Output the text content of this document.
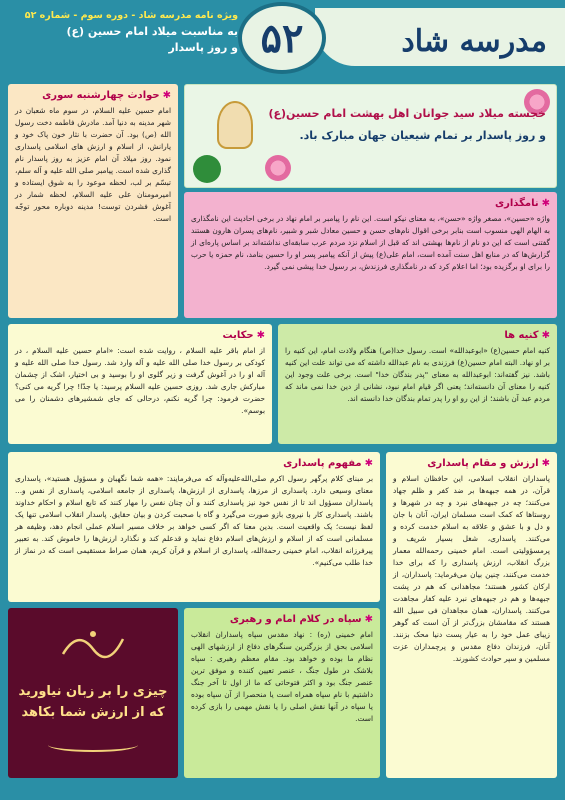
مدرسه شاد
۵۲
ویژه نامه مدرسه شاد - دوره سوم - شماره ۵۲
به مناسبت میلاد امام حسین (ع)
و روز پاسدار
خجسته میلاد سید جوانان اهل بهشت امام حسین(ع)
و روز پاسدار بر تمام شیعیان جهان مبارک باد.
✱حوادث چهارشنبه سوری

امام حسین علیه السلام، در سوم ماه شعبان در شهر مدینه به دنیا آمد. مادرش فاطمه دخت رسول الله (ص) بود. آن حضرت با نثار خون پاک خود و یارانش، از اسلام و ارزش های اسلامی پاسداری نمود. روز میلاد آن امام عزیز به روز پاسدار نام گذاری شده است. پیامبر صلی الله علیه و آله سلم، تبسّم بر لب، لحظه موعود را به شوق ایستاده و امیرمومنان علی علیه السلام، لحظه شمار در آغوش فشردن توست! مدینه دوباره محور توجّه است.

✱نامگذاری

واژه «حسین»، مصغر واژه «حسن»، به معنای نیکو است. این نام را پیامبر بر امام نهاد در برخی احادیث این نامگذاری به الهام الهی منسوب است بنابر برخی اقوال نام‌های حسن و حسین معادل شبر و شبیر، نام‌های پسران هارون هستند گفتنی است که این دو نام از نام‌ها بهشتی اند که قبل از اسلام نزد مردم عرب سابقه‌ای نداشته‌اند بر اساس پاره‌ای از گزارش‌ها که در منابع اهل سنت آمده است، امام علی(ع) پیش از آنکه پیامبر پسر او را حسین بنامد، نام حمزه یا حرب را برای او برگزیده بود؛ اما اعلام کرد که در نامگذاری فرزندش، بر رسول خدا پیشی نمی گیرد.

✱حکایت

از امام باقر علیه السلام ، روایت شده است: «امام حسین علیه السلام ، در کودکی بر رسول خدا صلی الله علیه و آله وارد شد. رسول خدا صلی الله علیه و آله او را در آغوش گرفت و زیر گلوی او را بوسید و بی اختیار، اشک از چشمان مبارکش جاری شد. روزی حسین علیه السلام پرسید: یا جدّا! چرا گریه می کنی؟ حضرت فرمود: چرا گریه نکنم، درحالی که جای شمشیرهای دشمنان را می بوسم».

✱کنیه ها

کنیه امام حسین(ع) «ابوعبدالله» است. رسول خدا(ص) هنگام ولادت امام، این کنیه را بر او نهاد. البته امام حسین(ع) فرزندی به نام عبدالله داشته که می تواند علت این کنیه باشد. نیز گفته‌اند: ابوعبدالله به معنای "پدر بندگان خدا" است. برخی علت وجود این کنیه را معنای آن دانسته‌اند؛ یعنی اگر قیام امام نبود، نشانی از دین خدا نمی ماند که مردم عبد آن باشند؛ از این رو او را پدر تمام بندگان خدا دانسته اند.

✱مفهوم پاسداری

بر مبنای کلام پرگهر رسول اکرم صلی‌الله‌علیه‌وآله که می‌فرمایند: «همه شما نگهبان و مسؤول هستید»، پاسداری معنای وسیعی دارد. پاسداری از مرزها، پاسداری از ارزش‌ها، پاسداری از جامعه اسلامی، پاسداری از نفس و... پاسداران مسؤول اند تا از نفس خود نیز پاسداری کنند و آن چنان نفس را مهار کنند که تابع اسلام و احکام خداوند باشند. پاسداری کار با نیروی بازو صورت می‌گیرد و گاه با صحبت کردن و بیان حقایق. پاسدار انقلاب اسلامی تنها یک لفظ نیست؛ یک واقعیت است. بدین معنا که اگر کسی خواهد بر خلاف مسیر اسلام عملی انجام دهد، وظیفه هر مسلمانی است که از اسلام و ارزش‌های اسلام دفاع نماید و قدعلم کند و نگذارد ارزش‌ها را خاموش کند. به تعبیر پیرفرزانه انقلاب، امام خمینی رحمة‌الله، پاسداری از اسلام و قرآن کریم، همان صراط مستقیمی است که در نماز از خدا طلب می‌کنیم».

✱ارزش و مقام پاسداری

پاسداران انقلاب اسلامی، این حافظان اسلام و قرآن، در همه جبهه‌ها بر ضد کفر و ظلم جهاد می‌کنند؛ چه در جبهه‌های نبرد و چه در شهرها و روستاها که کمک است مسلمان ایران، آنان با جان و دل و با عشق و علاقه به اسلام خدمت کرده و می‌کنند. پاسداری، شغل بسیار شریف و پرمسؤولیتی است. امام خمینی رحمه‌الله معمار بزرگ انقلاب، ارزش پاسداری را که برای خدا خدمت می‌کنند، چنین بیان می‌فرماید: پاسداران، از ارکان کشور هستند؛ مجاهدانی که هم در پشت جبهه‌ها و هم در جبهه‌های نبرد علیه کفار مجاهدت می‌کنند. پاسداران، همان مجاهدان فی سبیل الله هستند که مقامشان بزرگ‌تر از آن است که گوهر زیبای عمل خود را به عیار پست دنیا محک بزنند. آنان، فرزندان دفاع مقدس و پرچمداران عزت مسلمین و سپر حوادث کشورند.

چیزی را بر زبان نیاورید
که از ارزش شما بکاهد
✱سپاه در کلام امام و رهبری

امام خمینی (ره) : نهاد مقدس سپاه پاسداران انقلاب اسلامی بحق از بزرگترین سنگرهای دفاع از ارزشهای الهی نظام ما بوده و خواهد بود. مقام معظم رهبری : سپاه بلاشک در طول جنگ ، عنصر تعیین کننده و موفق ترین عنصر جنگ بود و اکثر فتوحاتی که ما از اول تا آخر جنگ داشتیم با نام سپاه همراه است یا منحصرا از آن سپاه بوده یا سپاه در آنها نقش اصلی را یا نقش مهمی را بازی کرده است.
